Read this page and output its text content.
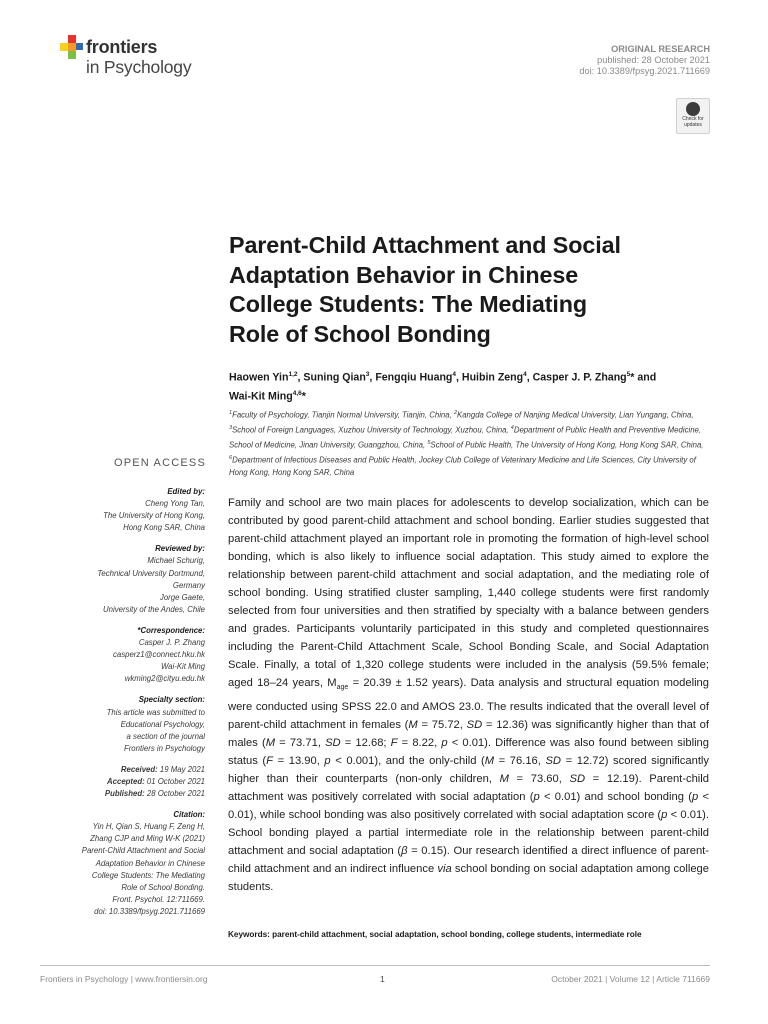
frontiers
in Psychology
ORIGINAL RESEARCH
published: 28 October 2021
doi: 10.3389/fpsyg.2021.711669
Check for
updates
Parent-Child Attachment and Social
Adaptation Behavior in Chinese
College Students: The Mediating
Role of School Bonding
Haowen Yin$^{1,2}$, Suning Qian$^3$, Fengqiu Huang$^4$, Huibin Zeng$^4$, Casper J. P. Zhang$^5$* and
Wai-Kit Ming$^{4,6}$*
$^1$Faculty of Psychology, Tianjin Normal University, Tianjin, China, $^2$Kangda College of Nanjing Medical University, Lian Yungang, China, $^3$School of Foreign Languages, Xuzhou University of Technology, Xuzhou, China, $^4$Department of Public Health and Preventive Medicine, School of Medicine, Jinan University, Guangzhou, China, $^5$School of Public Health, The University of Hong Kong, Hong Kong SAR, China, $^6$Department of Infectious Diseases and Public Health, Jockey Club College of Veterinary Medicine and Life Sciences, City University of Hong Kong, Hong Kong SAR, China
OPEN ACCESS
Edited by:
Cheng Yong Tan,
The University of Hong Kong,
Hong Kong SAR, China
Reviewed by:
Michael Schurig,
Technical University Dortmund,
Germany
Jorge Gaete,
University of the Andes, Chile
*Correspondence:
Casper J. P. Zhang
casperz1@connect.hku.hk
Wai-Kit Ming
wkming2@cityu.edu.hk
Specialty section:
This article was submitted to
Educational Psychology,
a section of the journal
Frontiers in Psychology
Received: 19 May 2021
Accepted: 01 October 2021
Published: 28 October 2021
Citation:
Yin H, Qian S, Huang F, Zeng H,
Zhang CJP and Ming W-K (2021)
Parent-Child Attachment and Social
Adaptation Behavior in Chinese
College Students: The Mediating
Role of School Bonding.
Front. Psychol. 12:711669.
doi: 10.3389/fpsyg.2021.711669
Family and school are two main places for adolescents to develop socialization, which can be contributed by good parent-child attachment and school bonding. Earlier studies suggested that parent-child attachment played an important role in promoting the formation of high-level school bonding, which is also likely to influence social adaptation. This study aimed to explore the relationship between parent-child attachment and social adaptation, and the mediating role of school bonding. Using stratified cluster sampling, 1,440 college students were first randomly selected from four universities and then stratified by specialty with a balance between genders and grades. Participants voluntarily participated in this study and completed questionnaires including the Parent-Child Attachment Scale, School Bonding Scale, and Social Adaptation Scale. Finally, a total of 1,320 college students were included in the analysis (59.5% female; aged 18–24 years, $M_{age} = 20.39 \pm 1.52$ years). Data analysis and structural equation modeling were conducted using SPSS 22.0 and AMOS 23.0. The results indicated that the overall level of parent-child attachment in females (M = 75.72, SD = 12.36) was significantly higher than that of males (M = 73.71, SD = 12.68; F = 8.22, p < 0.01). Difference was also found between sibling status (F = 13.90, p < 0.001), and the only-child (M = 76.16, SD = 12.72) scored significantly higher than their counterparts (non-only children, M = 73.60, SD = 12.19). Parent-child attachment was positively correlated with social adaptation (p < 0.01) and school bonding (p < 0.01), while school bonding was also positively correlated with social adaptation score (p < 0.01). School bonding played a partial intermediate role in the relationship between parent-child attachment and social adaptation (β = 0.15). Our research identified a direct influence of parent-child attachment and an indirect influence via school bonding on social adaptation among college students.
Keywords: parent-child attachment, social adaptation, school bonding, college students, intermediate role
Frontiers in Psychology | www.frontiersin.org	1	October 2021 | Volume 12 | Article 711669
